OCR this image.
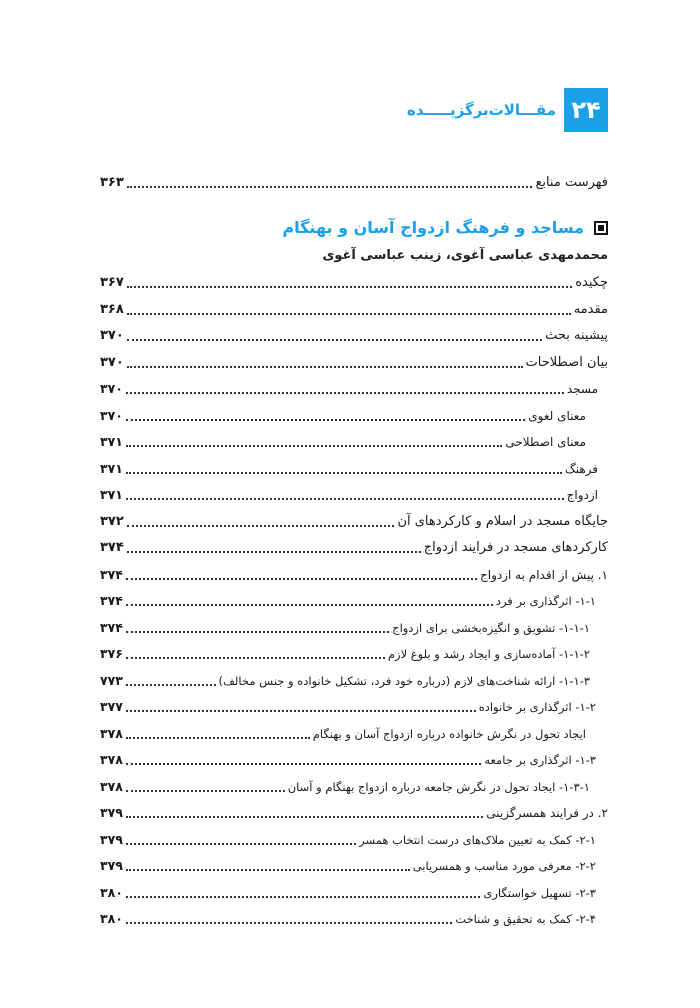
۲۴
مقـــالات‌برگزیـــــده
فهرست منابع
۳۶۳
مساجد و فرهنگ ازدواج آسان و بهنگام
محمدمهدی عباسی آغوی، زینب عباسی آغوی
چکیده
۳۶۷
مقدمه
۳۶۸
پیشینه بحث
۳۷۰
بیان اصطلاحات
۳۷۰
مسجد
۳۷۰
معنای لغوی
۳۷۰
معنای اصطلاحی
۳۷۱
فرهنگ
۳۷۱
ازدواج
۳۷۱
جایگاه مسجد در اسلام و کارکردهای آن
۳۷۲
کارکردهای مسجد در فرایند ازدواج
۳۷۴
۱. پیش از اقدام به ازدواج
۳۷۴
۱-۱- اثرگذاری بر فرد
۳۷۴
۱-۱-۱- تشویق و انگیزه‌بخشی برای ازدواج
۳۷۴
۱-۱-۲- آماده‌سازی و ایجاد رشد و بلوغ لازم
۳۷۶
۱-۱-۳- ارائه شناخت‌های لازم (درباره خود فرد، تشکیل خانواده و جنس مخالف)
۷۷۳
۱-۲- اثرگذاری بر خانواده
۳۷۷
ایجاد تحول در نگرش خانواده درباره ازدواج آسان و بهنگام
۳۷۸
۱-۳- اثرگذاری بر جامعه
۳۷۸
۱-۳-۱- ایجاد تحول در نگرش جامعه درباره ازدواج بهنگام و آسان
۳۷۸
۲. در فرایند همسرگزینی
۳۷۹
۲-۱- کمک به تعیین ملاک‌های درست انتخاب همسر
۳۷۹
۲-۲- معرفی مورد مناسب و همسریابی
۳۷۹
۲-۳- تسهیل خواستگاری
۳۸۰
۲-۴- کمک به تحقیق و شناخت
۳۸۰
